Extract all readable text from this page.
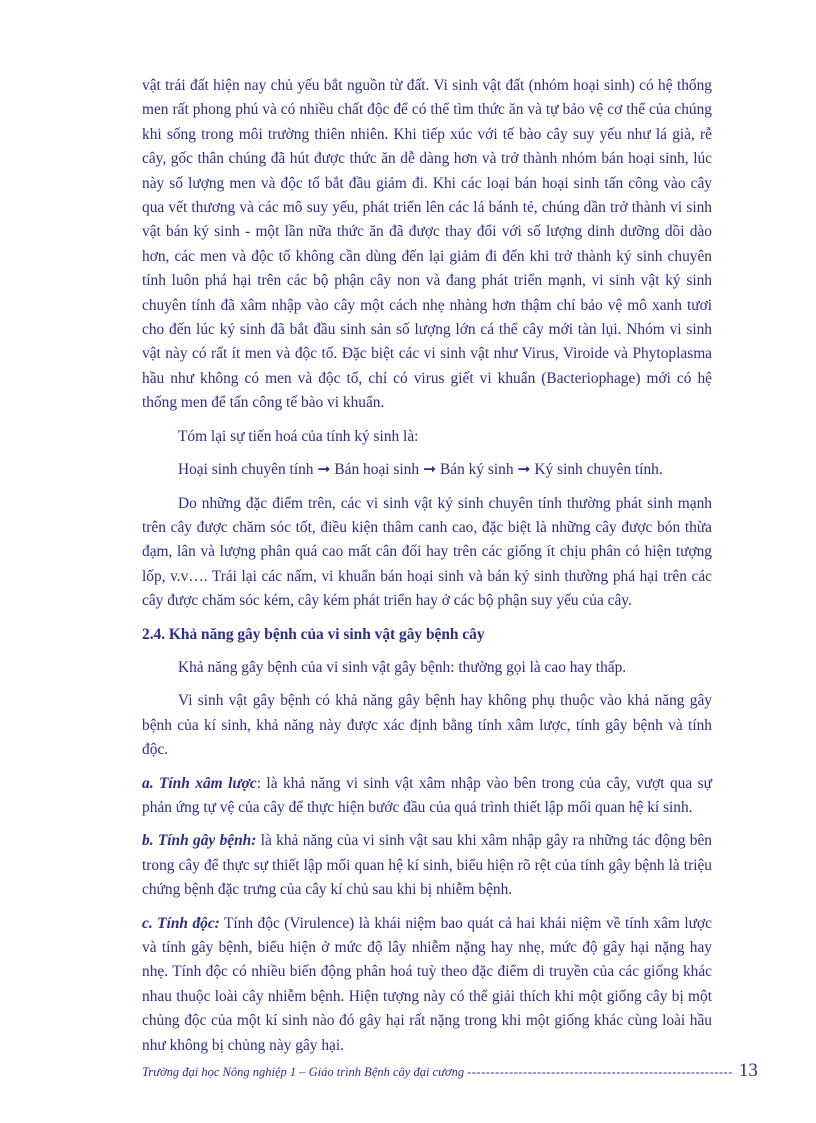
vật trái đất hiện nay chủ yếu bắt nguồn từ đất. Vi sinh vật đất (nhóm hoại sinh) có hệ thống men rất phong phú và có nhiều chất độc để có thể tìm thức ăn và tự bảo vệ cơ thể của chúng khi sống trong môi trường thiên nhiên. Khi tiếp xúc với tế bào cây suy yếu như lá già, rễ cây, gốc thân chúng đã hút được thức ăn dễ dàng hơn và trở thành nhóm bán hoại sinh, lúc này số lượng men và độc tố bắt đầu giảm đi. Khi các loại bán hoại sinh tấn công vào cây qua vết thương và các mô suy yếu, phát triển lên các lá bánh tẻ, chúng dần trở thành vi sinh vật bán ký sinh - một lần nữa thức ăn đã được thay đổi với số lượng dinh dưỡng dồi dào hơn, các men và độc tố không cần dùng đến lại giảm đi đến khi trở thành ký sinh chuyên tính luôn phá hại trên các bộ phận cây non và đang phát triển mạnh, vi sinh vật ký sinh chuyên tính đã xâm nhập vào cây một cách nhẹ nhàng hơn thậm chí bảo vệ mô xanh tươi cho đến lúc ký sinh đã bắt đầu sinh sản số lượng lớn cá thể cây mới tàn lụi. Nhóm vi sinh vật này có rất ít men và độc tố. Đặc biệt các vi sinh vật như Virus, Viroide và Phytoplasma hầu như không có men và độc tố, chỉ có virus giết vi khuẩn (Bacteriophage) mới có hệ thống men để tấn công tế bào vi khuẩn.

Tóm lại sự tiến hoá của tính ký sinh là:

Hoại sinh chuyên tính ➞ Bán hoại sinh ➞ Bán ký sinh ➞ Ký sinh chuyên tính.

Do những đặc điểm trên, các vi sinh vật ký sinh chuyên tính thường phát sinh mạnh trên cây được chăm sóc tốt, điều kiện thâm canh cao, đặc biệt là những cây được bón thừa đạm, lân và lượng phân quá cao mất cân đối hay trên các giống ít chịu phân có hiện tượng lốp, v.v…. Trái lại các nấm, vi khuẩn bán hoại sinh và bán ký sinh thường phá hại trên các cây được chăm sóc kém, cây kém phát triển hay ở các bộ phận suy yếu của cây.

2.4. Khả năng gây bệnh của vi sinh vật gây bệnh cây

Khả năng gây bệnh của vi sinh vật gây bệnh: thường gọi là cao hay thấp.

Vi sinh vật gây bệnh có khả năng gây bệnh hay không phụ thuộc vào khả năng gây bệnh của kí sinh, khả năng này được xác định bằng tính xâm lược, tính gây bệnh và tính độc.

a. Tính xâm lược: là khả năng vi sinh vật xâm nhập vào bên trong của cây, vượt qua sự phản ứng tự vệ của cây để thực hiện bước đầu của quá trình thiết lập mối quan hệ kí sinh.

b. Tính gây bệnh: là khả năng của vi sinh vật sau khi xâm nhập gây ra những tác động bên trong cây để thực sự thiết lập mối quan hệ kí sinh, biểu hiện rõ rệt của tính gây bệnh là triệu chứng bệnh đặc trưng của cây kí chủ sau khi bị nhiễm bệnh.

c. Tính độc: Tính độc (Virulence) là khái niệm bao quát cả hai khái niệm về tính xâm lược và tính gây bệnh, biểu hiện ở mức độ lây nhiễm nặng hay nhẹ, mức độ gây hại nặng hay nhẹ. Tính độc có nhiều biến động phân hoá tuỳ theo đặc điểm di truyền của các giống khác nhau thuộc loài cây nhiễm bệnh. Hiện tượng này có thể giải thích khi một giống cây bị một chủng độc của một kí sinh nào đó gây hại rất nặng trong khi một giống khác cùng loài hầu như không bị chủng này gây hại.

Trường đại học Nông nghiệp 1 – Giáo trình Bệnh cây đại cương --------------------------------------------------------- 13
